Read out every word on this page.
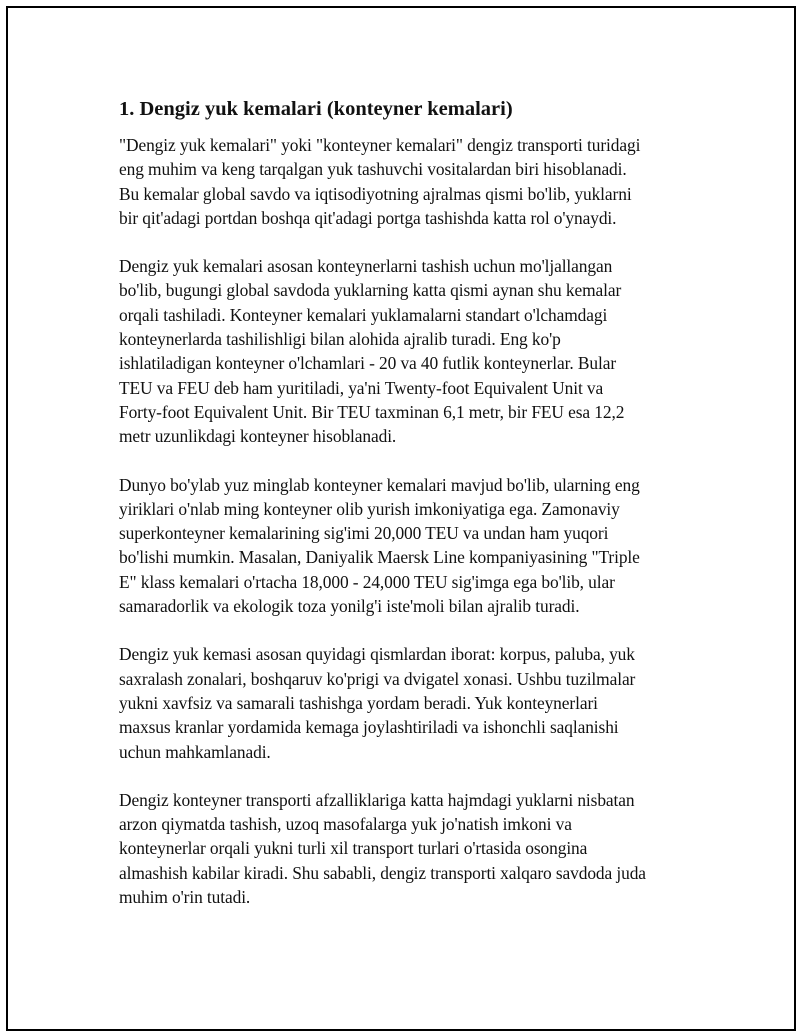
1. Dengiz yuk kemalari (konteyner kemalari)

"Dengiz yuk kemalari" yoki "konteyner kemalari" dengiz transporti turidagi
eng muhim va keng tarqalgan yuk tashuvchi vositalardan biri hisoblanadi.
Bu kemalar global savdo va iqtisodiyotning ajralmas qismi bo'lib, yuklarni
bir qit'adagi portdan boshqa qit'adagi portga tashishda katta rol o'ynaydi.

Dengiz yuk kemalari asosan konteynerlarni tashish uchun mo'ljallangan
bo'lib, bugungi global savdoda yuklarning katta qismi aynan shu kemalar
orqali tashiladi. Konteyner kemalari yuklamalarni standart o'lchamdagi
konteynerlarda tashilishligi bilan alohida ajralib turadi. Eng ko'p
ishlatiladigan konteyner o'lchamlari - 20 va 40 futlik konteynerlar. Bular
TEU va FEU deb ham yuritiladi, ya'ni Twenty-foot Equivalent Unit va
Forty-foot Equivalent Unit. Bir TEU taxminan 6,1 metr, bir FEU esa 12,2
metr uzunlikdagi konteyner hisoblanadi.

Dunyo bo'ylab yuz minglab konteyner kemalari mavjud bo'lib, ularning eng
yiriklari o'nlab ming konteyner olib yurish imkoniyatiga ega. Zamonaviy
superkonteyner kemalarining sig'imi 20,000 TEU va undan ham yuqori
bo'lishi mumkin. Masalan, Daniyalik Maersk Line kompaniyasining "Triple
E" klass kemalari o'rtacha 18,000 - 24,000 TEU sig'imga ega bo'lib, ular
samaradorlik va ekologik toza yonilg'i iste'moli bilan ajralib turadi.

Dengiz yuk kemasi asosan quyidagi qismlardan iborat: korpus, paluba, yuk
saxralash zonalari, boshqaruv ko'prigi va dvigatel xonasi. Ushbu tuzilmalar
yukni xavfsiz va samarali tashishga yordam beradi. Yuk konteynerlari
maxsus kranlar yordamida kemaga joylashtiriladi va ishonchli saqlanishi
uchun mahkamlanadi.

Dengiz konteyner transporti afzalliklariga katta hajmdagi yuklarni nisbatan
arzon qiymatda tashish, uzoq masofalarga yuk jo'natish imkoni va
konteynerlar orqali yukni turli xil transport turlari o'rtasida osongina
almashish kabilar kiradi. Shu sababli, dengiz transporti xalqaro savdoda juda
muhim o'rin tutadi.
